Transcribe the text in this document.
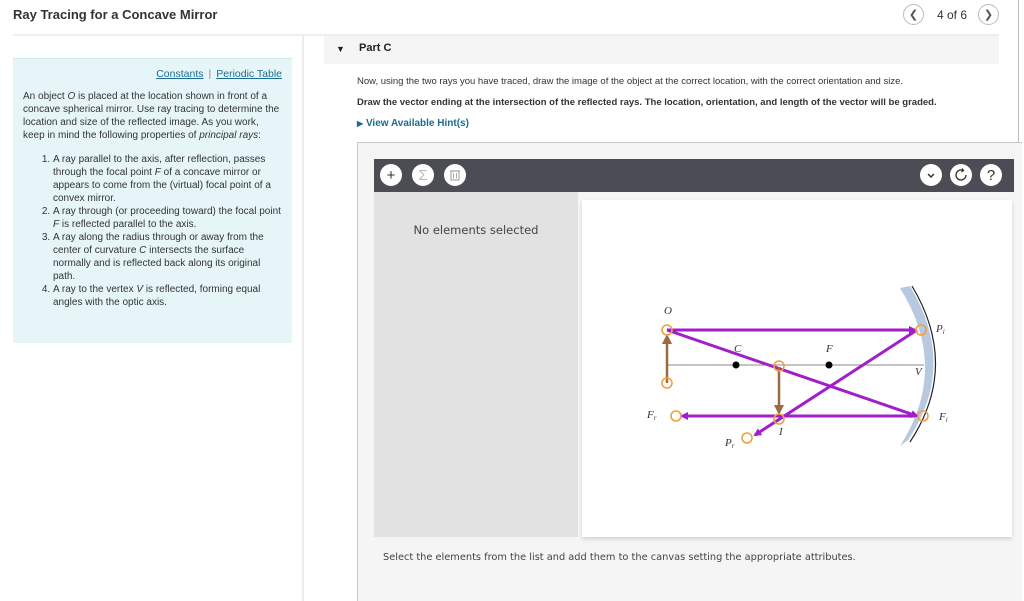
Ray Tracing for a Concave Mirror	❮ 4 of 6 ❯
Constants | Periodic Table
An object O is placed at the location shown in front of a concave spherical mirror. Use ray tracing to determine the location and size of the reflected image. As you work, keep in mind the following properties of principal rays:
1. A ray parallel to the axis, after reflection, passes through the focal point F of a concave mirror or appears to come from the (virtual) focal point of a convex mirror.
2. A ray through (or proceeding toward) the focal point F is reflected parallel to the axis.
3. A ray along the radius through or away from the center of curvature C intersects the surface normally and is reflected back along its original path.
4. A ray to the vertex V is reflected, forming equal angles with the optic axis.
▼ Part C
Now, using the two rays you have traced, draw the image of the object at the correct location, with the correct orientation and size.
Draw the vector ending at the intersection of the reflected rays. The location, orientation, and length of the vector will be graded.
▶ View Available Hint(s)
+ Σ	?
No elements selected
O
C	F
V
I
Fr
Pr
Pi
Fi
Select the elements from the list and add them to the canvas setting the appropriate attributes.
